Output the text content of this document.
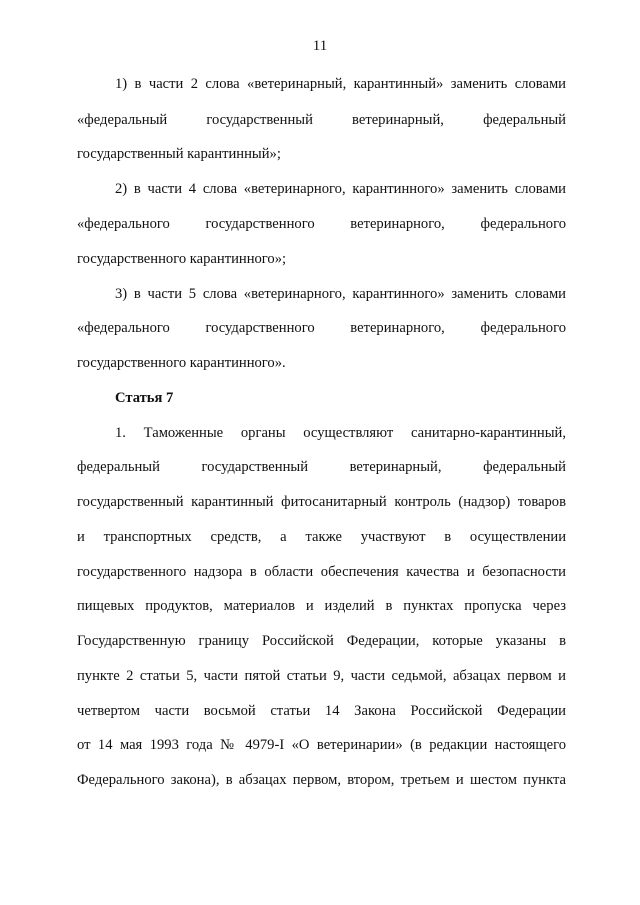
11
1) в части 2 слова «ветеринарный, карантинный» заменить словами
«федеральный государственный ветеринарный, федеральный
государственный карантинный»;
2) в части 4 слова «ветеринарного, карантинного» заменить словами
«федерального государственного ветеринарного, федерального
государственного карантинного»;
3) в части 5 слова «ветеринарного, карантинного» заменить словами
«федерального государственного ветеринарного, федерального
государственного карантинного».
Статья 7
1. Таможенные органы осуществляют санитарно-карантинный,
федеральный государственный ветеринарный, федеральный
государственный карантинный фитосанитарный контроль (надзор) товаров
и транспортных средств, а также участвуют в осуществлении
государственного надзора в области обеспечения качества и безопасности
пищевых продуктов, материалов и изделий в пунктах пропуска через
Государственную границу Российской Федерации, которые указаны в
пункте 2 статьи 5, части пятой статьи 9, части седьмой, абзацах первом и
четвертом части восьмой статьи 14 Закона Российской Федерации
от 14 мая 1993 года № 4979-I «О ветеринарии» (в редакции настоящего
Федерального закона), в абзацах первом, втором, третьем и шестом пункта
